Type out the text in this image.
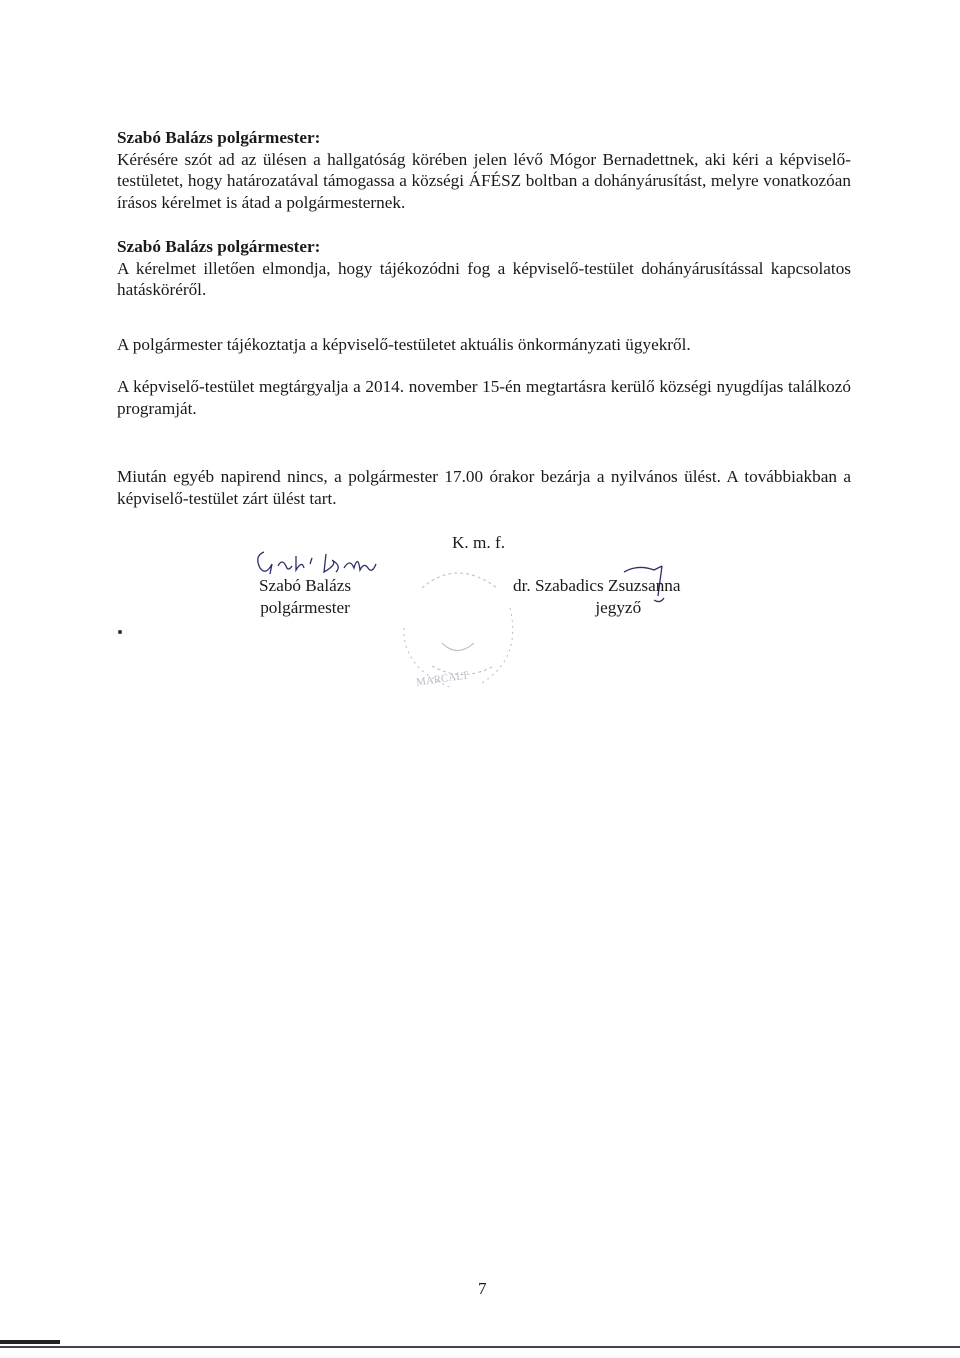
Szabó Balázs polgármester:

Kérésére szót ad az ülésen a hallgatóság körében jelen lévő Mógor Bernadettnek, aki kéri a képviselő-testületet, hogy határozatával támogassa a községi ÁFÉSZ boltban a dohányárusítást, melyre vonatkozóan írásos kérelmet is átad a polgármesternek.

Szabó Balázs polgármester:

A kérelmet illetően elmondja, hogy tájékozódni fog a képviselő-testület dohányárusítással kapcsolatos hatásköréről.

A polgármester tájékoztatja a képviselő-testületet aktuális önkormányzati ügyekről.

A képviselő-testület megtárgyalja a 2014. november 15-én megtartásra kerülő községi nyugdíjas találkozó programját.

Miután egyéb napirend nincs, a polgármester 17.00 órakor bezárja a nyilvános ülést. A továbbiakban a képviselő-testület zárt ülést tart.

K. m. f.
MARCALT
Szabó Balázs
polgármester
dr. Szabadics Zsuzsanna
jegyző
7
